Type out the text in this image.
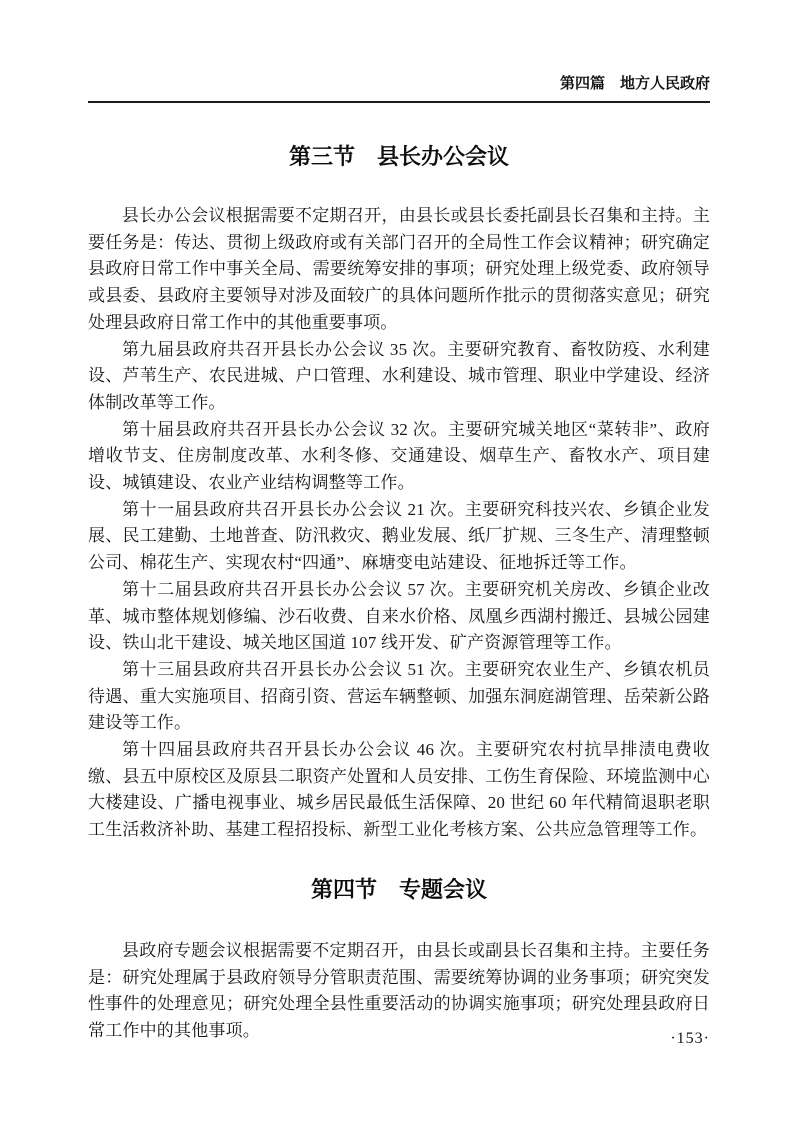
第四篇　地方人民政府
第三节　县长办公会议

县长办公会议根据需要不定期召开，由县长或县长委托副县长召集和主持。主要任务是：传达、贯彻上级政府或有关部门召开的全局性工作会议精神；研究确定县政府日常工作中事关全局、需要统筹安排的事项；研究处理上级党委、政府领导或县委、县政府主要领导对涉及面较广的具体问题所作批示的贯彻落实意见；研究处理县政府日常工作中的其他重要事项。

第九届县政府共召开县长办公会议 35 次。主要研究教育、畜牧防疫、水利建设、芦苇生产、农民进城、户口管理、水利建设、城市管理、职业中学建设、经济体制改革等工作。

第十届县政府共召开县长办公会议 32 次。主要研究城关地区“菜转非”、政府增收节支、住房制度改革、水利冬修、交通建设、烟草生产、畜牧水产、项目建设、城镇建设、农业产业结构调整等工作。

第十一届县政府共召开县长办公会议 21 次。主要研究科技兴农、乡镇企业发展、民工建勤、土地普查、防汛救灾、鹅业发展、纸厂扩规、三冬生产、清理整顿公司、棉花生产、实现农村“四通”、麻塘变电站建设、征地拆迁等工作。

第十二届县政府共召开县长办公会议 57 次。主要研究机关房改、乡镇企业改革、城市整体规划修编、沙石收费、自来水价格、凤凰乡西湖村搬迁、县城公园建设、铁山北干建设、城关地区国道 107 线开发、矿产资源管理等工作。

第十三届县政府共召开县长办公会议 51 次。主要研究农业生产、乡镇农机员待遇、重大实施项目、招商引资、营运车辆整顿、加强东洞庭湖管理、岳荣新公路建设等工作。

第十四届县政府共召开县长办公会议 46 次。主要研究农村抗旱排渍电费收缴、县五中原校区及原县二职资产处置和人员安排、工伤生育保险、环境监测中心大楼建设、广播电视事业、城乡居民最低生活保障、20 世纪 60 年代精简退职老职工生活救济补助、基建工程招投标、新型工业化考核方案、公共应急管理等工作。

第四节　专题会议

县政府专题会议根据需要不定期召开，由县长或副县长召集和主持。主要任务是：研究处理属于县政府领导分管职责范围、需要统筹协调的业务事项；研究突发性事件的处理意见；研究处理全县性重要活动的协调实施事项；研究处理县政府日常工作中的其他事项。	·153·
